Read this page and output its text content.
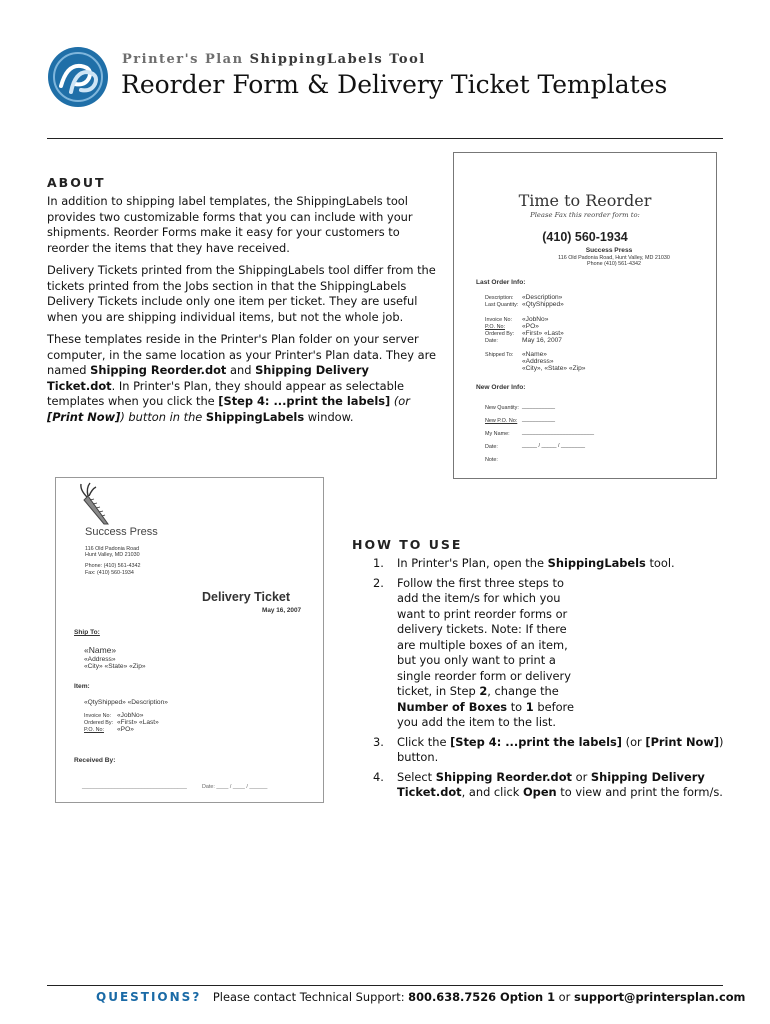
Printer's Plan ShippingLabels Tool
Reorder Form & Delivery Ticket Templates
ABOUT

In addition to shipping label templates, the ShippingLabels tool provides two customizable forms that you can include with your shipments. Reorder Forms make it easy for your customers to reorder the items that they have received.

Delivery Tickets printed from the ShippingLabels tool differ from the tickets printed from the Jobs section in that the ShippingLabels Delivery Tickets include only one item per ticket. They are useful when you are shipping individual items, but not the whole job.

These templates reside in the Printer's Plan folder on your server computer, in the same location as your Printer's Plan data. They are named Shipping Reorder.dot and Shipping Delivery Ticket.dot. In Printer's Plan, they should appear as selectable templates when you click the [Step 4: ...print the labels] (or [Print Now]) button in the ShippingLabels window.

Time to Reorder
Please Fax this reorder form to:
(410) 560-1934
Success Press
116 Old Padonia Road, Hunt Valley, MD 21030
Phone (410) 561-4342
Last Order Info:
Description: «Description»
Last Quantity: «QtyShipped»
Invoice No: «JobNo»
P.O. No:	«PO»
Ordered By: «First» «Last»
Date:	May 16, 2007
Shipped To: «Name»
«Address»
«City», «State» «Zip»
New Order Info:
New Quantity: ___________
New P.O. No: ___________
My Name: ________________________
Date:	_____ / _____ / ________
Note:
Success Press
116 Old Padonia Road
Hunt Valley, MD 21030
Phone: (410) 561-4342
Fax: (410) 560-1934
Delivery Ticket
May 16, 2007
Ship To:
«Name»
«Address»
«City» «State» «Zip»
Item:
«QtyShipped» «Description»
Invoice No: «JobNo»
Ordered By: «First» «Last»
P.O. No: «PO»
Received By:
___________________________________	Date: ____ / ____ / ______
HOW TO USE
1. In Printer's Plan, open the ShippingLabels tool.
2. Follow the first three steps to add the item/s for which you want to print reorder forms or delivery tickets. Note: If there are multiple boxes of an item, but you only want to print a single reorder form or delivery ticket, in Step 2, change the Number of Boxes to 1 before you add the item to the list.
3. Click the [Step 4: ...print the labels] (or [Print Now]) button.
4. Select Shipping Reorder.dot or Shipping Delivery Ticket.dot, and click Open to view and print the form/s.
QUESTIONS? Please contact Technical Support: 800.638.7526 Option 1 or support@printersplan.com
